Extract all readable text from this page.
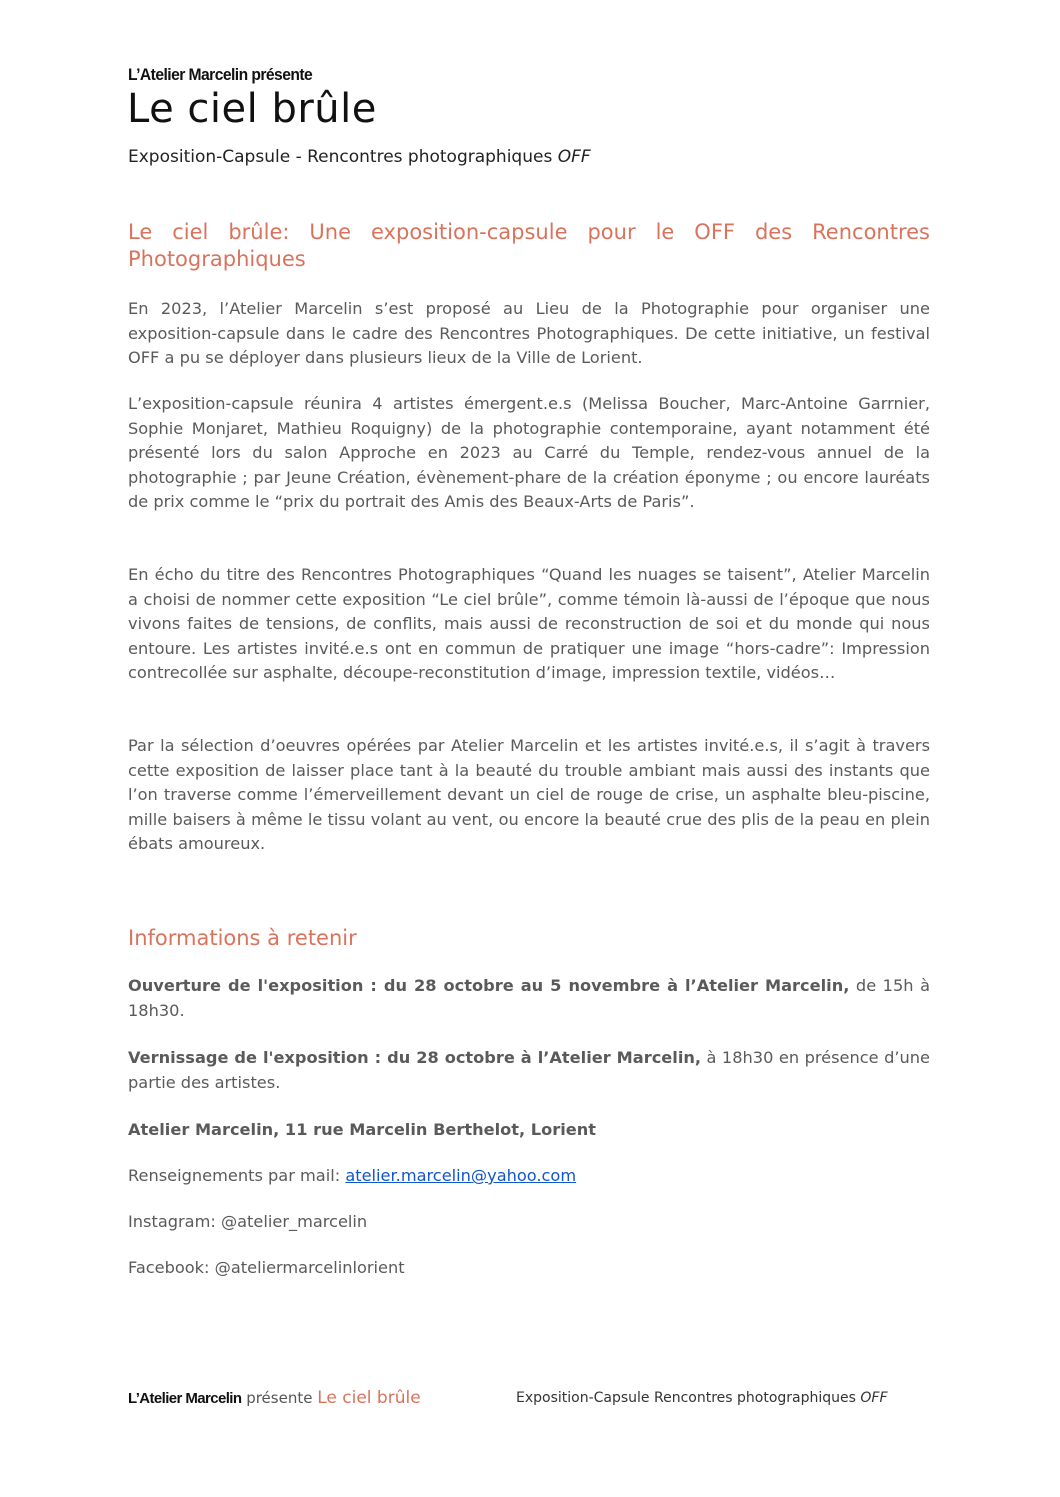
L’Atelier Marcelin présente
Le ciel brûle
Exposition-Capsule - Rencontres photographiques OFF
Le ciel brûle: Une exposition-capsule pour le OFF des Rencontres Photographiques

En 2023, l’Atelier Marcelin s’est proposé au Lieu de la Photographie pour organiser une exposition-capsule dans le cadre des Rencontres Photographiques. De cette initiative, un festival OFF a pu se déployer dans plusieurs lieux de la Ville de Lorient.

L’exposition-capsule réunira 4 artistes émergent.e.s (Melissa Boucher, Marc-Antoine Garrnier, Sophie Monjaret, Mathieu Roquigny) de la photographie contemporaine, ayant notamment été présenté lors du salon Approche en 2023 au Carré du Temple, rendez-vous annuel de la photographie ; par Jeune Création, évènement-phare de la création éponyme ; ou encore lauréats de prix comme le “prix du portrait des Amis des Beaux-Arts de Paris”.

En écho du titre des Rencontres Photographiques “Quand les nuages se taisent”, Atelier Marcelin a choisi de nommer cette exposition “Le ciel brûle”, comme témoin là-aussi de l’époque que nous vivons faites de tensions, de conflits, mais aussi de reconstruction de soi et du monde qui nous entoure. Les artistes invité.e.s ont en commun de pratiquer une image “hors-cadre”: Impression contrecollée sur asphalte, découpe-reconstitution d’image, impression textile, vidéos…

Par la sélection d’oeuvres opérées par Atelier Marcelin et les artistes invité.e.s, il s’agit à travers cette exposition de laisser place tant à la beauté du trouble ambiant mais aussi des instants que l’on traverse comme l’émerveillement devant un ciel de rouge de crise, un asphalte bleu-piscine, mille baisers à même le tissu volant au vent, ou encore la beauté crue des plis de la peau en plein ébats amoureux.

Informations à retenir

Ouverture de l'exposition : du 28 octobre au 5 novembre à l’Atelier Marcelin, de 15h à 18h30.

Vernissage de l'exposition : du 28 octobre à l’Atelier Marcelin, à 18h30 en présence d’une partie des artistes.

Atelier Marcelin, 11 rue Marcelin Berthelot, Lorient

Renseignements par mail: atelier.marcelin@yahoo.com

Instagram: @atelier_marcelin

Facebook: @ateliermarcelinlorient

L’Atelier Marcelin présente Le ciel brûle	Exposition-Capsule Rencontres photographiques OFF
